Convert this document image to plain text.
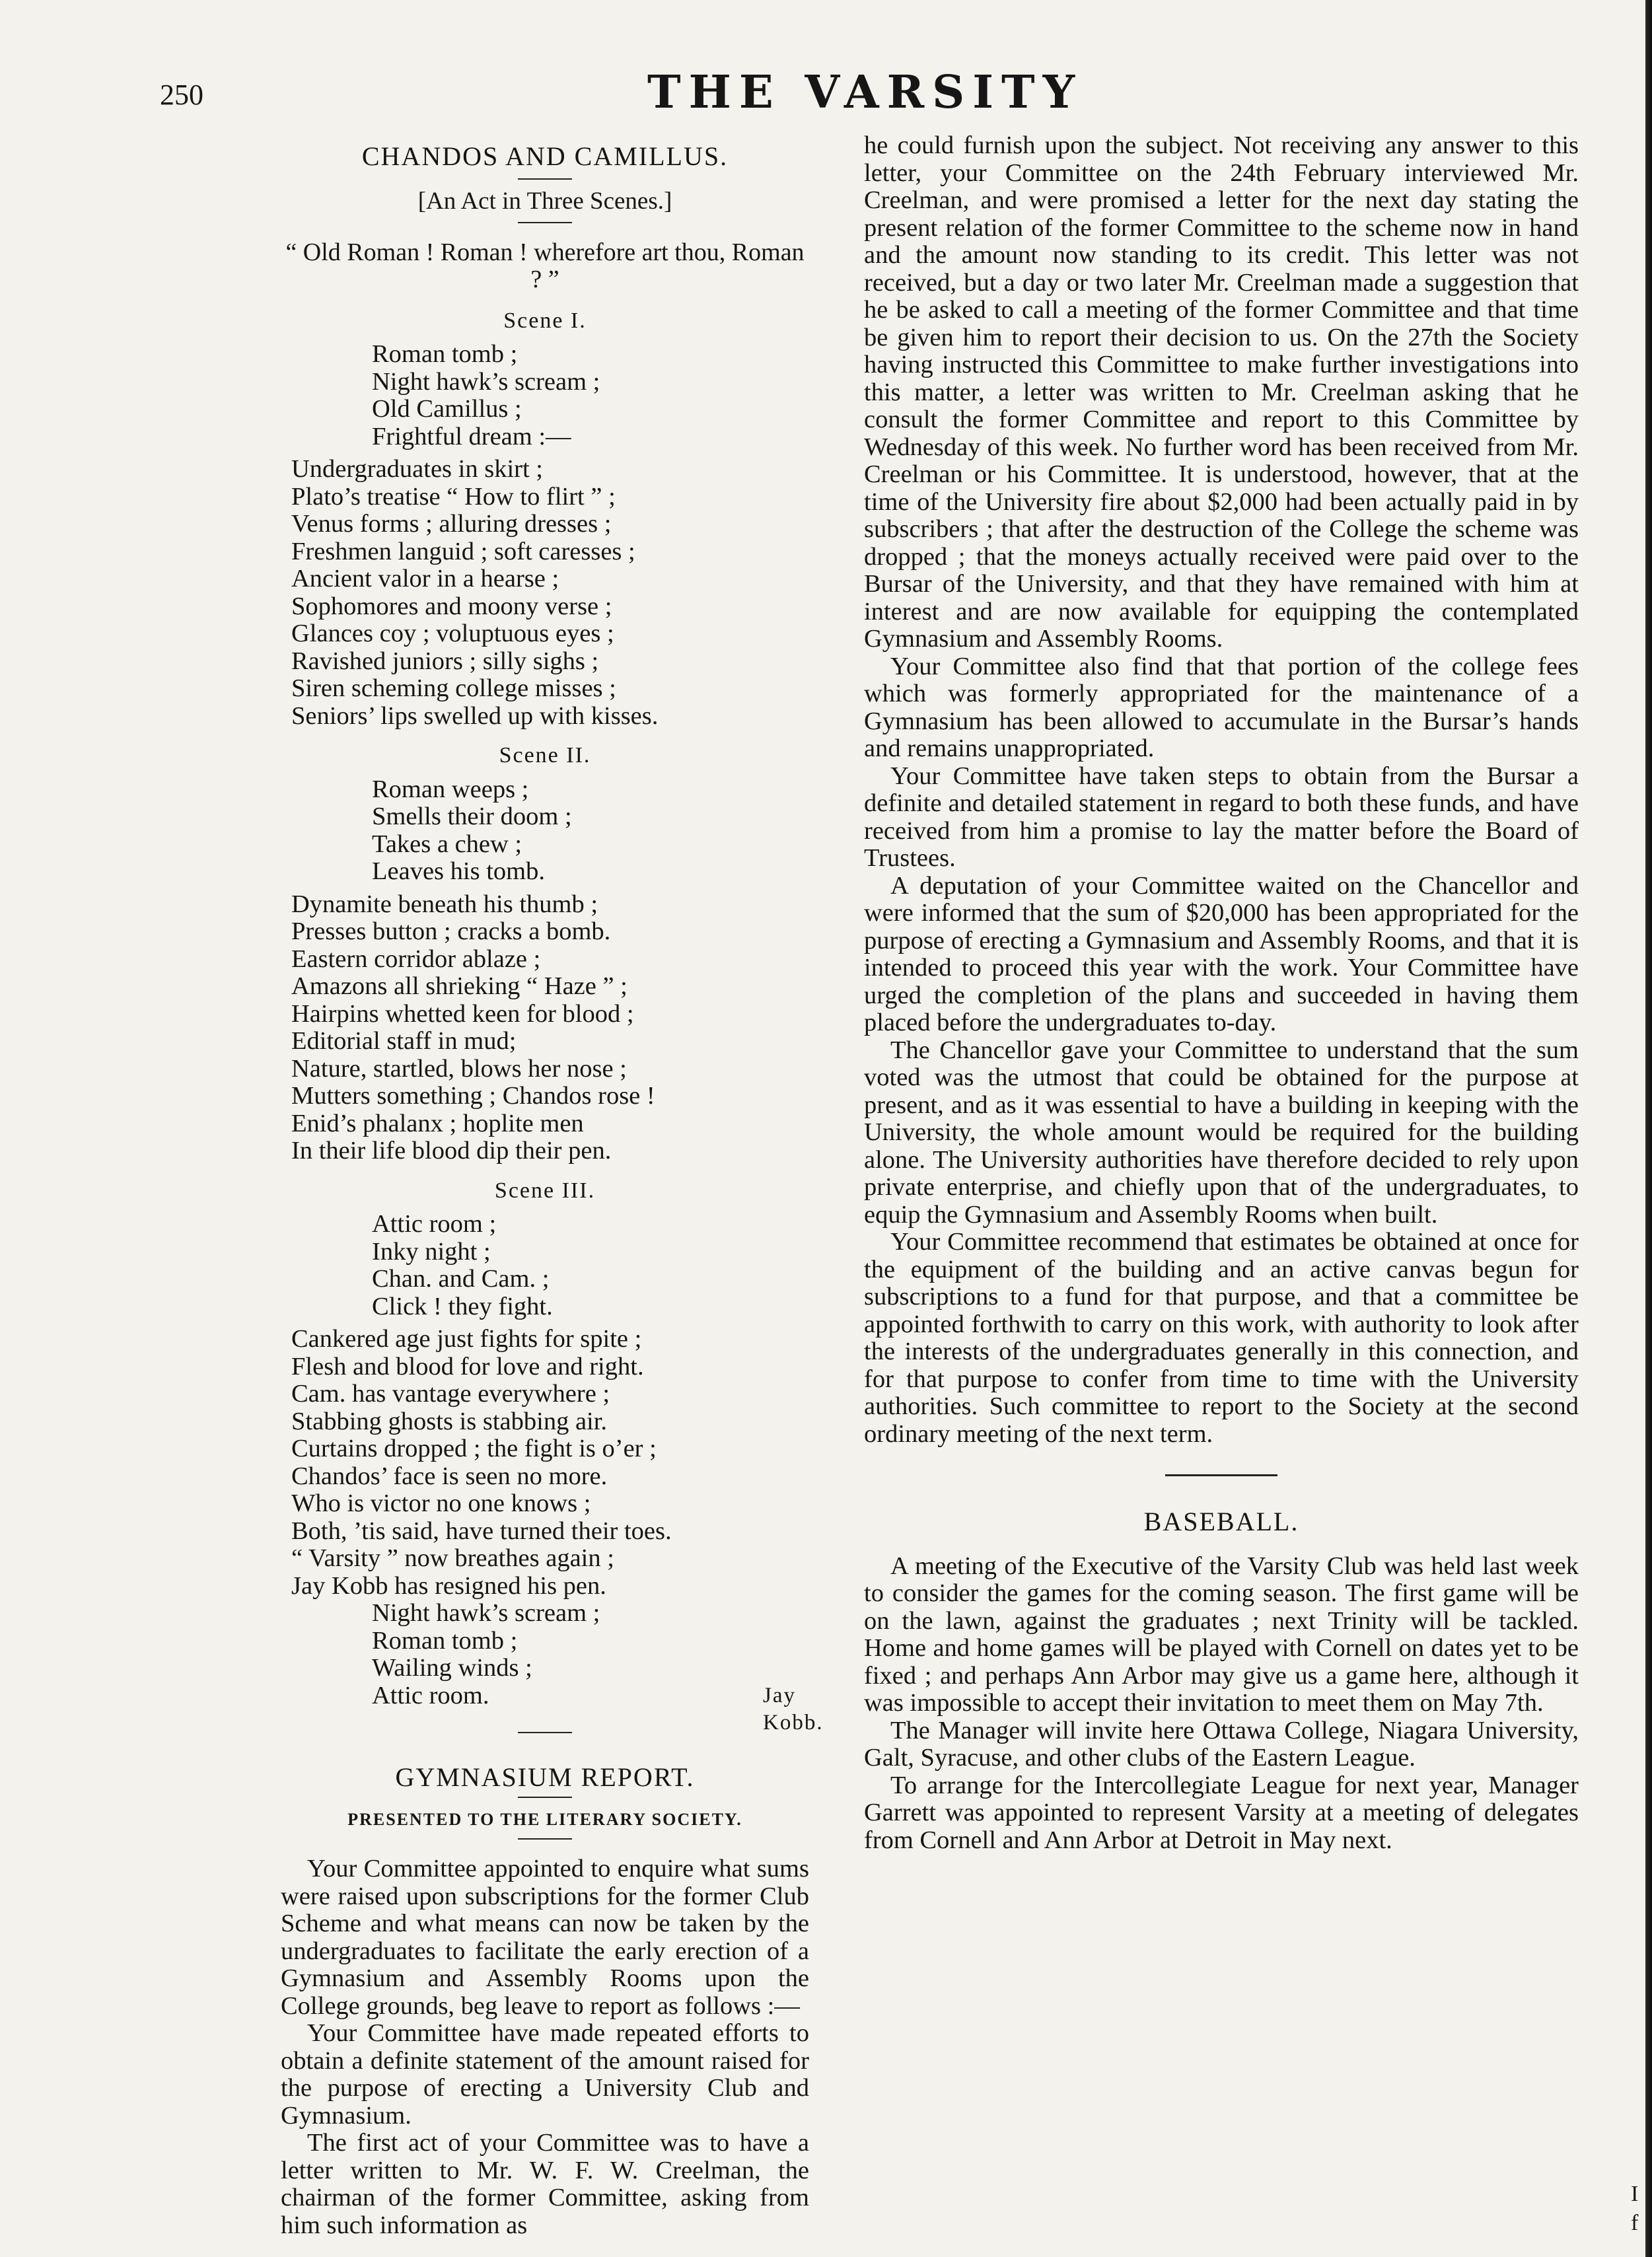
I
f
250	THE VARSITY
CHANDOS AND CAMILLUS.
[An Act in Three Scenes.]
“ Old Roman ! Roman ! wherefore art thou, Roman ? ”
Scene I.
Roman tomb ;
Night hawk’s scream ;
Old Camillus ;
Frightful dream :—
Undergraduates in skirt ;
Plato’s treatise “ How to flirt ” ;
Venus forms ; alluring dresses ;
Freshmen languid ; soft caresses ;
Ancient valor in a hearse ;
Sophomores and moony verse ;
Glances coy ; voluptuous eyes ;
Ravished juniors ; silly sighs ;
Siren scheming college misses ;
Seniors’ lips swelled up with kisses.
Scene II.
Roman weeps ;
Smells their doom ;
Takes a chew ;
Leaves his tomb.
Dynamite beneath his thumb ;
Presses button ; cracks a bomb.
Eastern corridor ablaze ;
Amazons all shrieking “ Haze ” ;
Hairpins whetted keen for blood ;
Editorial staff in mud;
Nature, startled, blows her nose ;
Mutters something ; Chandos rose !
Enid’s phalanx ; hoplite men
In their life blood dip their pen.
Scene III.
Attic room ;
Inky night ;
Chan. and Cam. ;
Click ! they fight.
Cankered age just fights for spite ;
Flesh and blood for love and right.
Cam. has vantage everywhere ;
Stabbing ghosts is stabbing air.
Curtains dropped ; the fight is o’er ;
Chandos’ face is seen no more.
Who is victor no one knows ;
Both, ’tis said, have turned their toes.
“ Varsity ” now breathes again ;
Jay Kobb has resigned his pen.
Night hawk’s scream ;
Roman tomb ;
Wailing winds ;
Attic room.	Jay Kobb.
GYMNASIUM REPORT.
PRESENTED TO THE LITERARY SOCIETY.

Your Committee appointed to enquire what sums were raised upon subscriptions for the former Club Scheme and what means can now be taken by the undergraduates to facilitate the early erection of a Gymnasium and Assembly Rooms upon the College grounds, beg leave to report as follows :—

Your Committee have made repeated efforts to obtain a definite statement of the amount raised for the purpose of erecting a University Club and Gymnasium.

The first act of your Committee was to have a letter written to Mr. W. F. W. Creelman, the chairman of the former Committee, asking from him such information as

he could furnish upon the subject. Not receiving any answer to this letter, your Committee on the 24th February interviewed Mr. Creelman, and were promised a letter for the next day stating the present relation of the former Committee to the scheme now in hand and the amount now standing to its credit. This letter was not received, but a day or two later Mr. Creelman made a suggestion that he be asked to call a meeting of the former Committee and that time be given him to report their decision to us. On the 27th the Society having instructed this Committee to make further investigations into this matter, a letter was written to Mr. Creelman asking that he consult the former Committee and report to this Committee by Wednesday of this week. No further word has been received from Mr. Creelman or his Committee. It is understood, however, that at the time of the University fire about $2,000 had been actually paid in by subscribers ; that after the destruction of the College the scheme was dropped ; that the moneys actually received were paid over to the Bursar of the University, and that they have remained with him at interest and are now available for equipping the contemplated Gymnasium and Assembly Rooms.

Your Committee also find that that portion of the college fees which was formerly appropriated for the maintenance of a Gymnasium has been allowed to accumulate in the Bursar’s hands and remains unappropriated.

Your Committee have taken steps to obtain from the Bursar a definite and detailed statement in regard to both these funds, and have received from him a promise to lay the matter before the Board of Trustees.

A deputation of your Committee waited on the Chancellor and were informed that the sum of $20,000 has been appropriated for the purpose of erecting a Gymnasium and Assembly Rooms, and that it is intended to proceed this year with the work. Your Committee have urged the completion of the plans and succeeded in having them placed before the undergraduates to-day.

The Chancellor gave your Committee to understand that the sum voted was the utmost that could be obtained for the purpose at present, and as it was essential to have a building in keeping with the University, the whole amount would be required for the building alone. The University authorities have therefore decided to rely upon private enterprise, and chiefly upon that of the undergraduates, to equip the Gymnasium and Assembly Rooms when built.

Your Committee recommend that estimates be obtained at once for the equipment of the building and an active canvas begun for subscriptions to a fund for that purpose, and that a committee be appointed forthwith to carry on this work, with authority to look after the interests of the undergraduates generally in this connection, and for that purpose to confer from time to time with the University authorities. Such committee to report to the Society at the second ordinary meeting of the next term.

BASEBALL.

A meeting of the Executive of the Varsity Club was held last week to consider the games for the coming season. The first game will be on the lawn, against the graduates ; next Trinity will be tackled. Home and home games will be played with Cornell on dates yet to be fixed ; and perhaps Ann Arbor may give us a game here, although it was impossible to accept their invitation to meet them on May 7th.

The Manager will invite here Ottawa College, Niagara University, Galt, Syracuse, and other clubs of the Eastern League.

To arrange for the Intercollegiate League for next year, Manager Garrett was appointed to represent Varsity at a meeting of delegates from Cornell and Ann Arbor at Detroit in May next.
